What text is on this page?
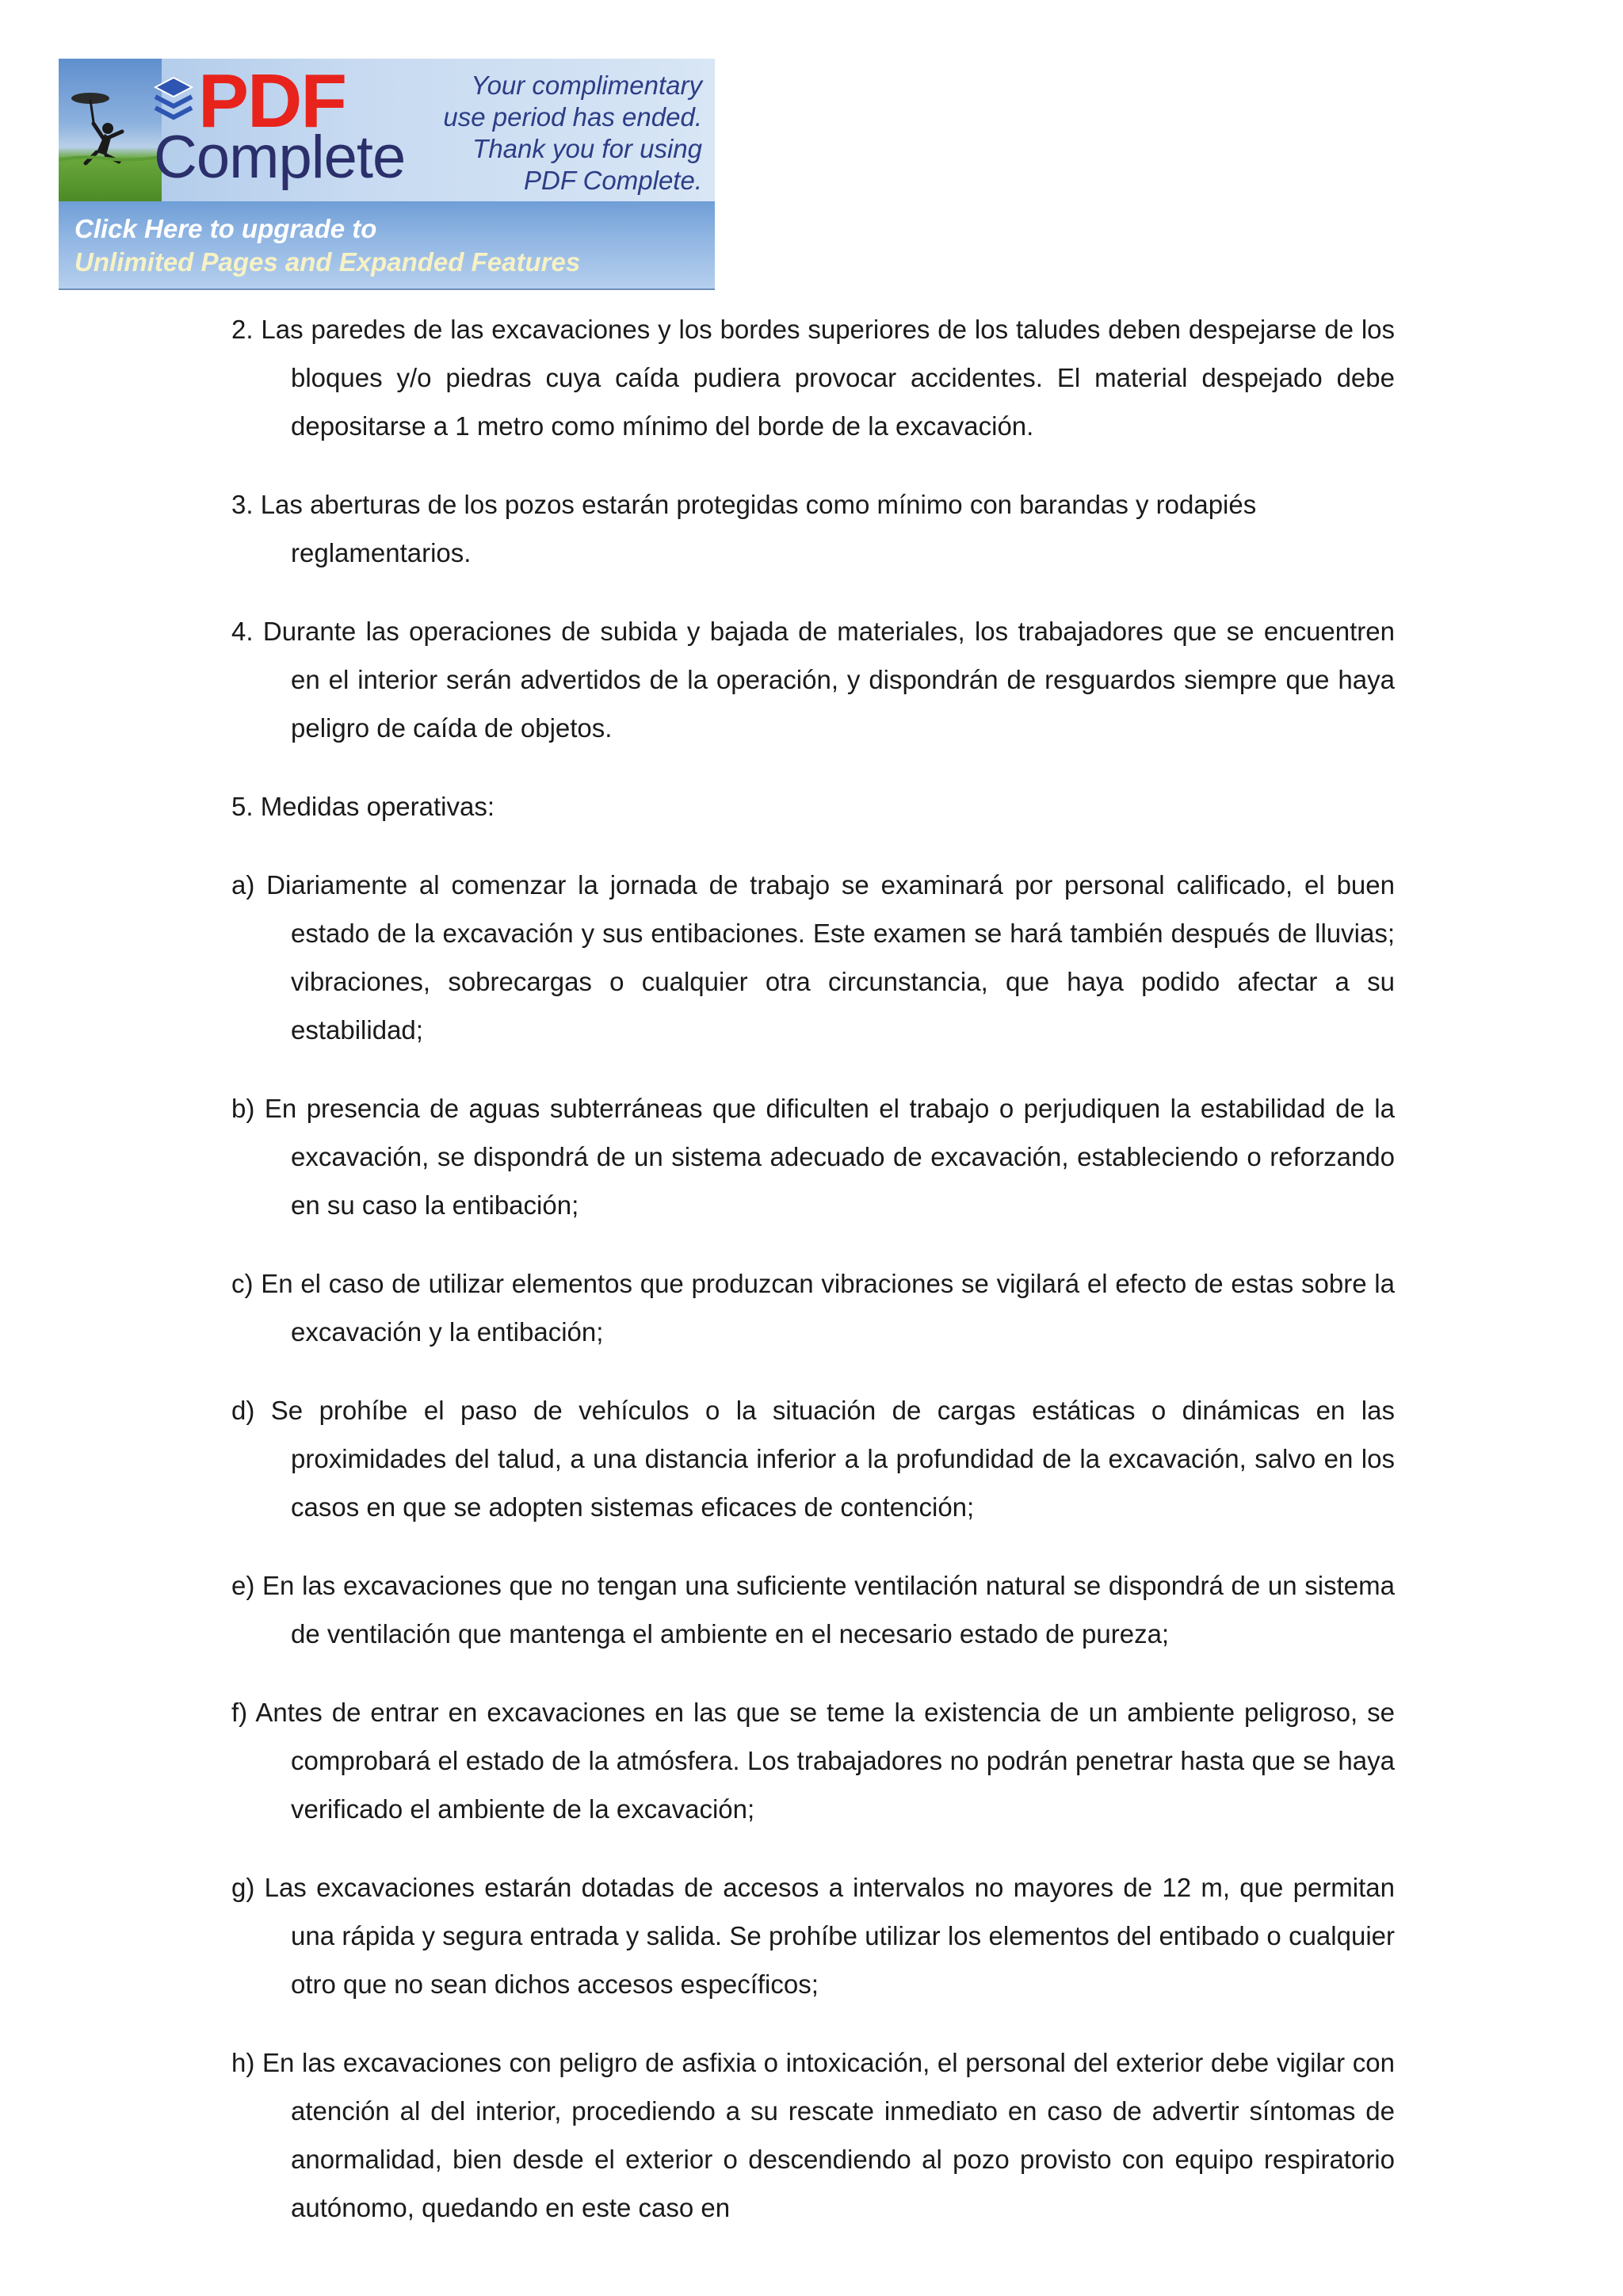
PDF
Complete
Your complimentary
use period has ended.
Thank you for using
PDF Complete.
Click Here to upgrade to
Unlimited Pages and Expanded Features

2. Las paredes de las excavaciones y los bordes superiores de los taludes deben despejarse de los bloques y/o piedras cuya caída pudiera provocar accidentes. El material despejado debe depositarse a 1 metro como mínimo del borde de la excavación.

3. Las aberturas de los pozos estarán protegidas como mínimo con barandas y rodapiés reglamentarios.

4. Durante las operaciones de subida y bajada de materiales, los trabajadores que se encuentren en el interior serán advertidos de la operación, y dispondrán de resguardos siempre que haya peligro de caída de objetos.

5. Medidas operativas:

a) Diariamente al comenzar la jornada de trabajo se examinará por personal calificado, el buen estado de la excavación y sus entibaciones. Este examen se hará también después de lluvias; vibraciones, sobrecargas o cualquier otra circunstancia, que haya podido afectar a su estabilidad;

b) En presencia de aguas subterráneas que dificulten el trabajo o perjudiquen la estabilidad de la excavación, se dispondrá de un sistema adecuado de excavación, estableciendo o reforzando en su caso la entibación;

c) En el caso de utilizar elementos que produzcan vibraciones se vigilará el efecto de estas sobre la excavación y la entibación;

d) Se prohíbe el paso de vehículos o la situación de cargas estáticas o dinámicas en las proximidades del talud, a una distancia inferior a la profundidad de la excavación, salvo en los casos en que se adopten sistemas eficaces de contención;

e) En las excavaciones que no tengan una suficiente ventilación natural se dispondrá de un sistema de ventilación que mantenga el ambiente en el necesario estado de pureza;

f) Antes de entrar en excavaciones en las que se teme la existencia de un ambiente peligroso, se comprobará el estado de la atmósfera. Los trabajadores no podrán penetrar hasta que se haya verificado el ambiente de la excavación;

g) Las excavaciones estarán dotadas de accesos a intervalos no mayores de 12 m, que permitan una rápida y segura entrada y salida. Se prohíbe utilizar los elementos del entibado o cualquier otro que no sean dichos accesos específicos;

h) En las excavaciones con peligro de asfixia o intoxicación, el personal del exterior debe vigilar con atención al del interior, procediendo a su rescate inmediato en caso de advertir síntomas de anormalidad, bien desde el exterior o descendiendo al pozo provisto con equipo respiratorio autónomo, quedando en este caso en
